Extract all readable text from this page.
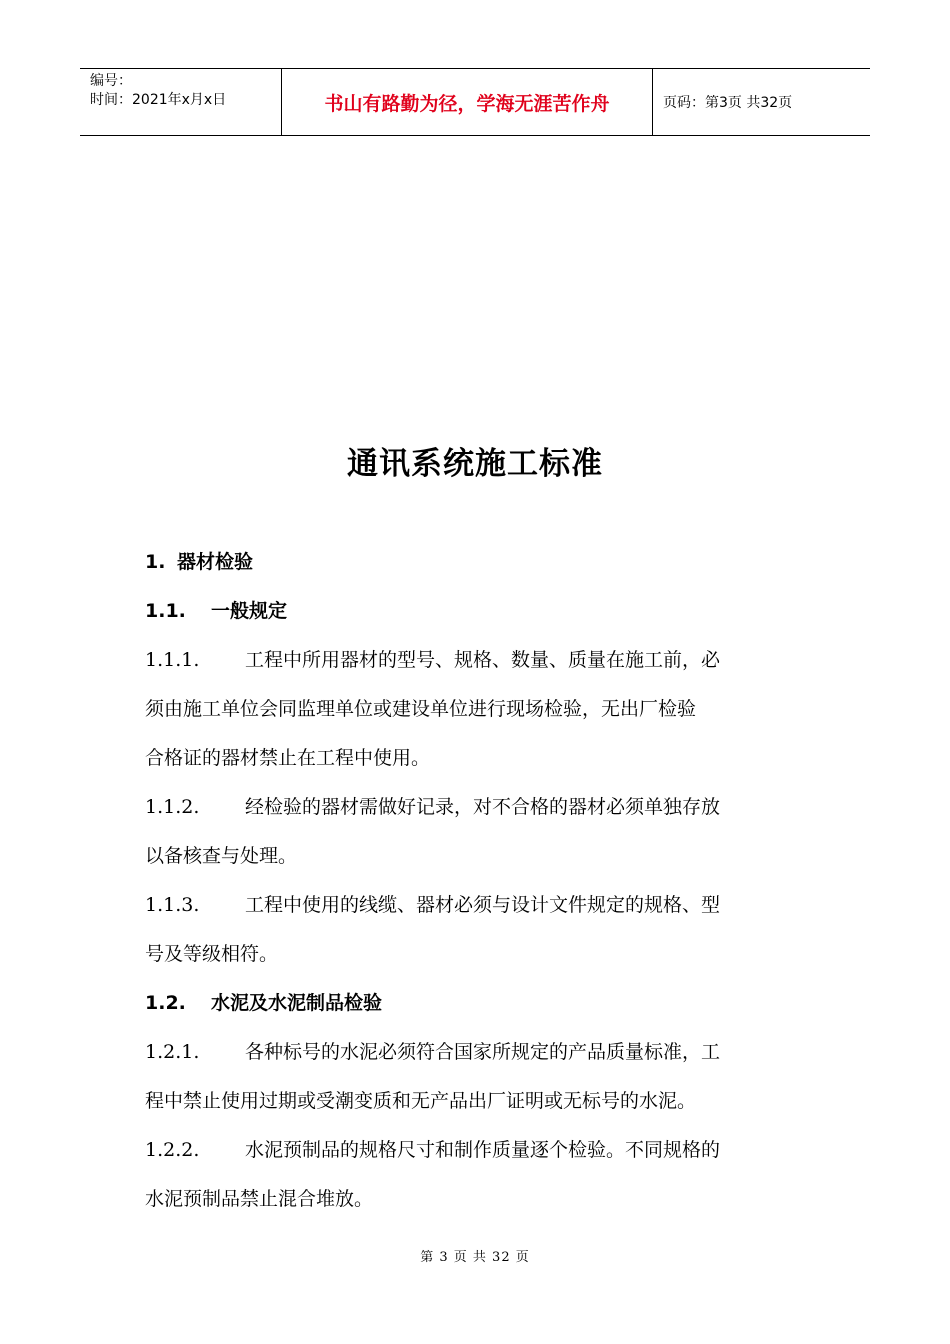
编号：
时间：2021年x月x日	书山有路勤为径，学海无涯苦作舟	页码：第3页 共32页
通讯系统施工标准
1. 器材检验
1.1. 一般规定
1.1.1. 工程中所用器材的型号、规格、数量、质量在施工前，必
须由施工单位会同监理单位或建设单位进行现场检验，无出厂检验
合格证的器材禁止在工程中使用。
1.1.2. 经检验的器材需做好记录，对不合格的器材必须单独存放
以备核查与处理。
1.1.3. 工程中使用的线缆、器材必须与设计文件规定的规格、型
号及等级相符。
1.2. 水泥及水泥制品检验
1.2.1. 各种标号的水泥必须符合国家所规定的产品质量标准，工
程中禁止使用过期或受潮变质和无产品出厂证明或无标号的水泥。
1.2.2. 水泥预制品的规格尺寸和制作质量逐个检验。不同规格的
水泥预制品禁止混合堆放。
第 3 页 共 32 页
